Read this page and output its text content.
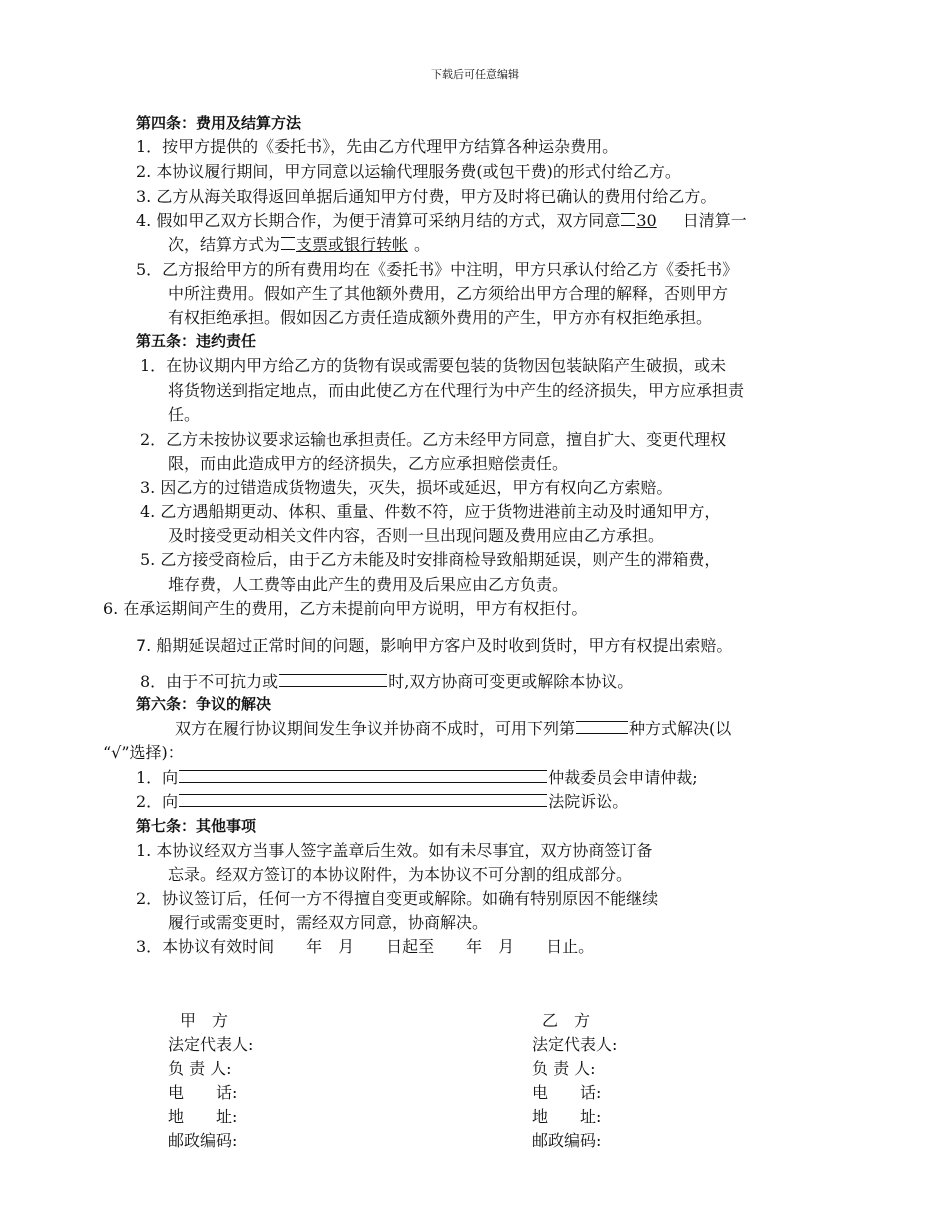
下载后可任意编辑
第四条：费用及结算方法
1．按甲方提供的《委托书》，先由乙方代理甲方结算各种运杂费用。
2. 本协议履行期间，甲方同意以运输代理服务费(或包干费)的形式付给乙方。
3. 乙方从海关取得返回单据后通知甲方付费，甲方及时将已确认的费用付给乙方。
4. 假如甲乙双方长期合作，为便于清算可采纳月结的方式，双方同意 30 日清算一
次，结算方式为 支票或银行转帐 。
5．乙方报给甲方的所有费用均在《委托书》中注明，甲方只承认付给乙方《委托书》
中所注费用。假如产生了其他额外费用，乙方须给出甲方合理的解释，否则甲方
有权拒绝承担。假如因乙方责任造成额外费用的产生，甲方亦有权拒绝承担。
第五条：违约责任
1．在协议期内甲方给乙方的货物有误或需要包装的货物因包装缺陷产生破损，或未
将货物送到指定地点，而由此使乙方在代理行为中产生的经济损失，甲方应承担责
任。
2．乙方未按协议要求运输也承担责任。乙方未经甲方同意，擅自扩大、变更代理权
限，而由此造成甲方的经济损失，乙方应承担赔偿责任。
3. 因乙方的过错造成货物遗失，灭失，损坏或延迟，甲方有权向乙方索赔。
4. 乙方遇船期更动、体积、重量、件数不符，应于货物进港前主动及时通知甲方，
及时接受更动相关文件内容，否则一旦出现问题及费用应由乙方承担。
5. 乙方接受商检后，由于乙方未能及时安排商检导致船期延误，则产生的滞箱费，
堆存费，人工费等由此产生的费用及后果应由乙方负责。
6. 在承运期间产生的费用，乙方未提前向甲方说明，甲方有权拒付。
7. 船期延误超过正常时间的问题，影响甲方客户及时收到货时，甲方有权提出索赔。
8．由于不可抗力或	时,双方协商可变更或解除本协议。
第六条：争议的解决
双方在履行协议期间发生争议并协商不成时，可用下列第	种方式解决(以
“√”选择)：
1．向	仲裁委员会申请仲裁;
2．向	法院诉讼。
第七条：其他事项
1. 本协议经双方当事人签字盖章后生效。如有未尽事宜，双方协商签订备
忘录。经双方签订的本协议附件，为本协议不可分割的组成部分。
2．协议签订后，任何一方不得擅自变更或解除。如确有特别原因不能继续
履行或需变更时，需经双方同意，协商解决。
3．本协议有效时间　　年　月　　日起至　　年　月　　日止。
甲　方
法定代表人:
负 责 人:
电　　话:
地　　址:
邮政编码:
乙　方
法定代表人:
负 责 人:
电　　话:
地　　址:
邮政编码:
